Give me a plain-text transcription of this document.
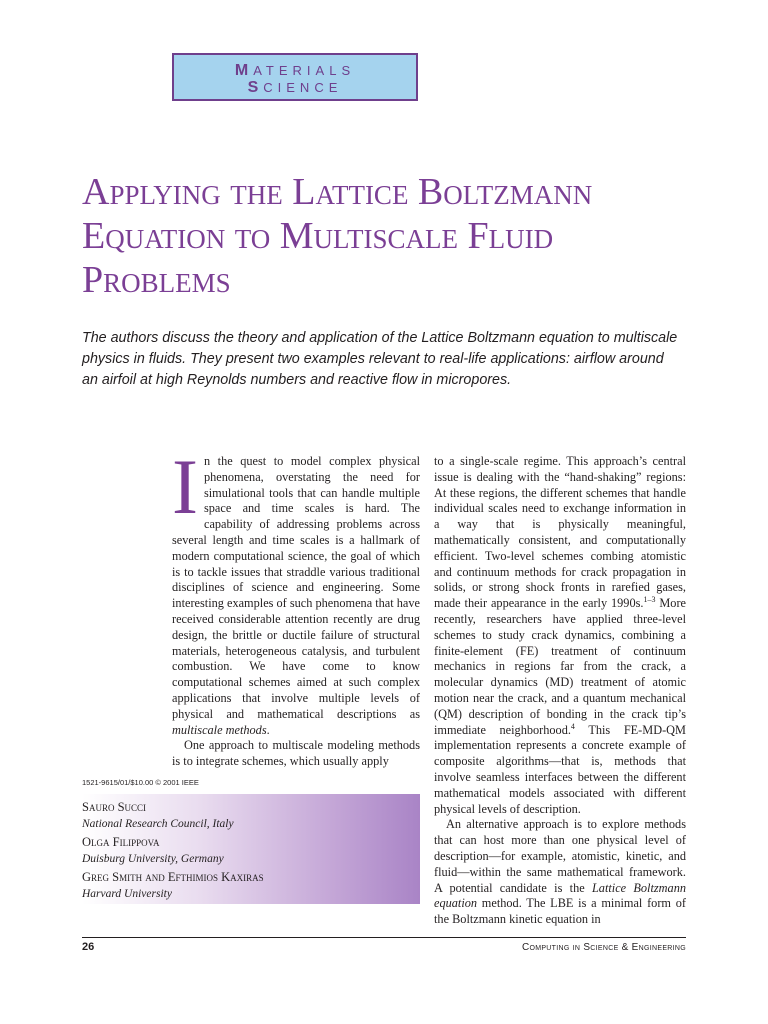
MATERIALS
SCIENCE
Applying the Lattice Boltzmann Equation to Multiscale Fluid Problems

The authors discuss the theory and application of the Lattice Boltzmann equation to multiscale physics in fluids. They present two examples relevant to real-life applications: airflow around an airfoil at high Reynolds numbers and reactive flow in micropores.

In the quest to model complex physical phenomena, overstating the need for simulational tools that can handle multiple space and time scales is hard. The capability of addressing problems across several length and time scales is a hallmark of modern computational science, the goal of which is to tackle issues that straddle various traditional disciplines of science and engineering. Some interesting examples of such phenomena that have received considerable attention recently are drug design, the brittle or ductile failure of structural materials, heterogeneous catalysis, and turbulent combustion. We have come to know computational schemes aimed at such complex applications that involve multiple levels of physical and mathematical descriptions as multiscale methods.

One approach to multiscale modeling methods is to integrate schemes, which usually apply

to a single-scale regime. This approach’s central issue is dealing with the “hand-shaking” regions: At these regions, the different schemes that handle individual scales need to exchange information in a way that is physically meaningful, mathematically consistent, and computationally efficient. Two-level schemes combing atomistic and continuum methods for crack propagation in solids, or strong shock fronts in rarefied gases, made their appearance in the early 1990s.$^{1-3}$ More recently, researchers have applied three-level schemes to study crack dynamics, combining a finite-element (FE) treatment of continuum mechanics in regions far from the crack, a molecular dynamics (MD) treatment of atomic motion near the crack, and a quantum mechanical (QM) description of bonding in the crack tip’s immediate neighborhood.$^4$ This FE-MD-QM implementation represents a concrete example of composite algorithms—that is, methods that involve seamless interfaces between the different mathematical models associated with different physical levels of description.

An alternative approach is to explore methods that can host more than one physical level of description—for example, atomistic, kinetic, and fluid—within the same mathematical framework. A potential candidate is the Lattice Boltzmann equation method. The LBE is a minimal form of the Boltzmann kinetic equation in

1521-9615/01/$10.00 © 2001 IEEE
Sauro Succi
National Research Council, Italy
Olga Filippova
Duisburg University, Germany
Greg Smith and Efthimios Kaxiras
Harvard University
26	Computing in Science & Engineering
